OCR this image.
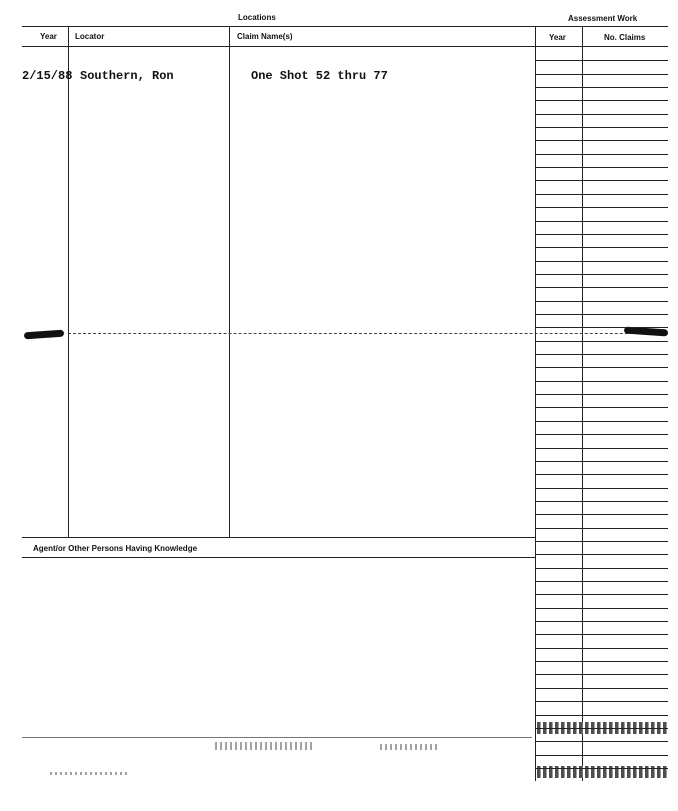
Locations	Assessment Work
Year Locator	Claim Name(s)	Year	No. Claims
2/15/88 Southern, Ron	One Shot 52 thru 77
Agent/or Other Persons Having Knowledge
